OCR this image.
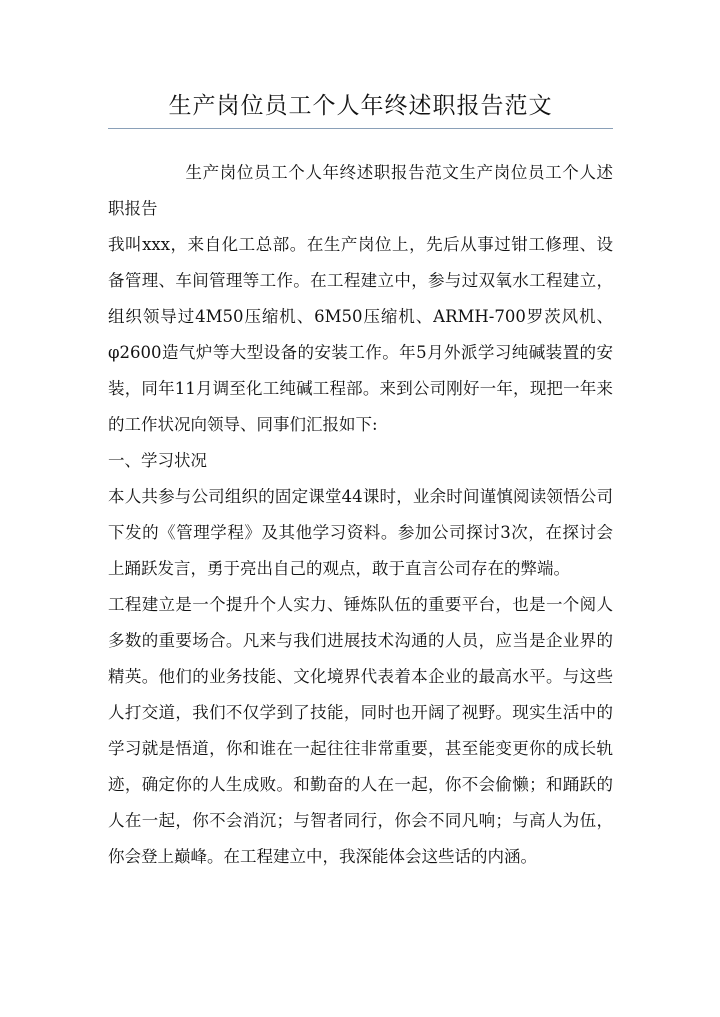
生产岗位员工个人年终述职报告范文

生产岗位员工个人年终述职报告范文生产岗位员工个人述职报告

我叫xxx，来自化工总部。在生产岗位上，先后从事过钳工修理、设备管理、车间管理等工作。在工程建立中，参与过双氧水工程建立，组织领导过4M50压缩机、6M50压缩机、ARMH-700罗茨风机、φ2600造气炉等大型设备的安装工作。年5月外派学习纯碱装置的安装，同年11月调至化工纯碱工程部。来到公司刚好一年，现把一年来的工作状况向领导、同事们汇报如下:

一、学习状况

本人共参与公司组织的固定课堂44课时，业余时间谨慎阅读领悟公司下发的《管理学程》及其他学习资料。参加公司探讨3次，在探讨会上踊跃发言，勇于亮出自己的观点，敢于直言公司存在的弊端。

工程建立是一个提升个人实力、锤炼队伍的重要平台，也是一个阅人多数的重要场合。凡来与我们进展技术沟通的人员，应当是企业界的精英。他们的业务技能、文化境界代表着本企业的最高水平。与这些人打交道，我们不仅学到了技能，同时也开阔了视野。现实生活中的学习就是悟道，你和谁在一起往往非常重要，甚至能变更你的成长轨迹，确定你的人生成败。和勤奋的人在一起，你不会偷懒；和踊跃的人在一起，你不会消沉；与智者同行，你会不同凡响；与高人为伍，你会登上巅峰。在工程建立中，我深能体会这些话的内涵。
